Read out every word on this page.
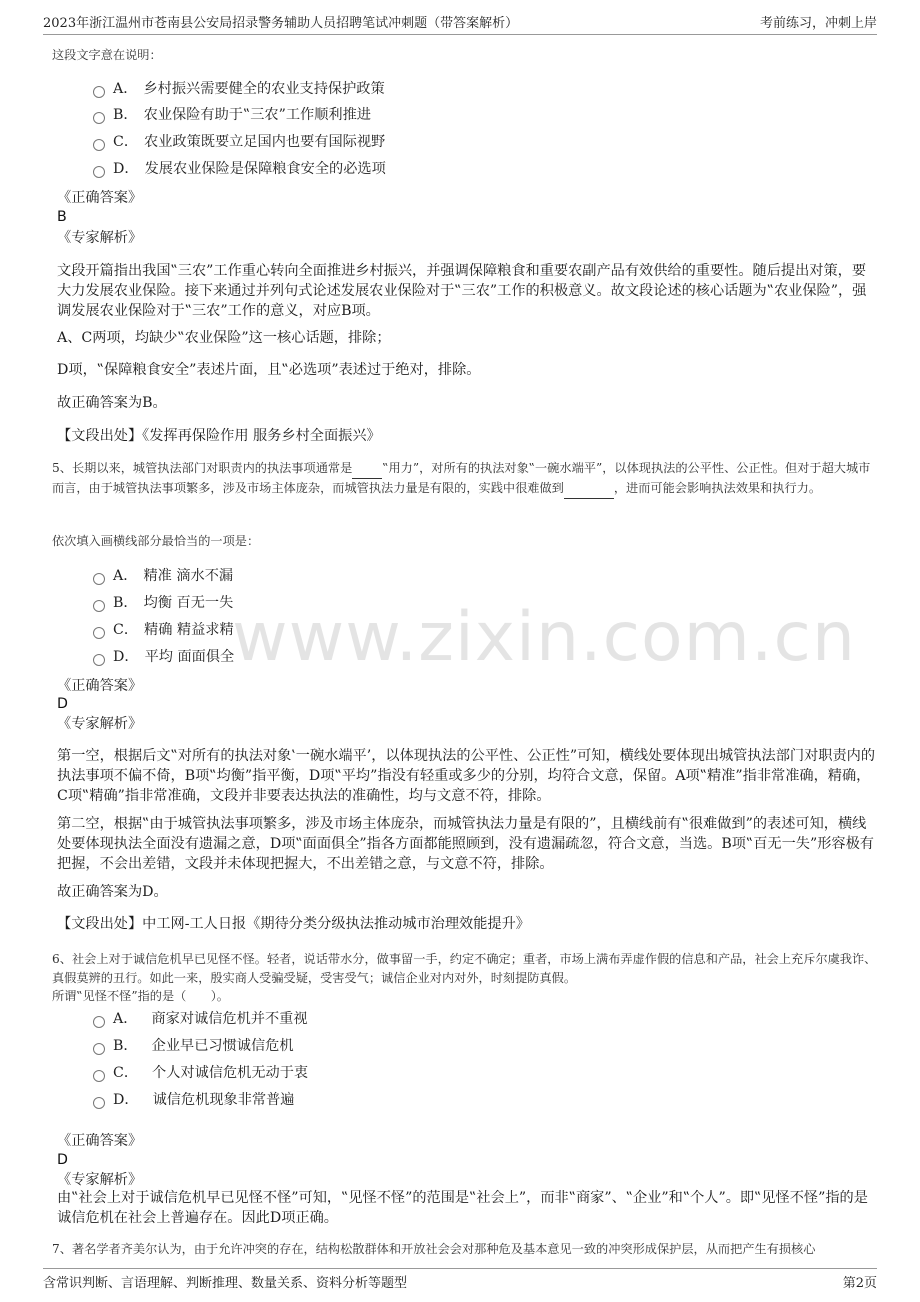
2023年浙江温州市苍南县公安局招录警务辅助人员招聘笔试冲刺题（带答案解析）	考前练习，冲刺上岸
www.zixin.com.cn
这段文字意在说明：
A． 乡村振兴需要健全的农业支持保护政策
B． 农业保险有助于‟三农”工作顺利推进
C． 农业政策既要立足国内也要有国际视野
D． 发展农业保险是保障粮食安全的必选项
《正确答案》
B
《专家解析》
文段开篇指出我国‟三农”工作重心转向全面推进乡村振兴，并强调保障粮食和重要农副产品有效供给的重要性。随后提出对策，要大力发展农业保险。接下来通过并列句式论述发展农业保险对于‟三农”工作的积极意义。故文段论述的核心话题为‟农业保险”，强调发展农业保险对于‟三农”工作的意义，对应B项。
A、C两项，均缺少‟农业保险”这一核心话题，排除；
D项，‟保障粮食安全”表述片面，且‟必选项”表述过于绝对，排除。
故正确答案为B。
【文段出处】《发挥再保险作用 服务乡村全面振兴》
5、长期以来，城管执法部门对职责内的执法事项通常是 ‟用力”，对所有的执法对象‟一碗水端平”，以体现执法的公平性、公正性。但对于超大城市而言，由于城管执法事项繁多，涉及市场主体庞杂，而城管执法力量是有限的，实践中很难做到	，进而可能会影响执法效果和执行力。
依次填入画横线部分最恰当的一项是：
A． 精准 滴水不漏
B． 均衡 百无一失
C． 精确 精益求精
D． 平均 面面俱全
《正确答案》
D
《专家解析》
第一空，根据后文‟对所有的执法对象‛一碗水端平’，以体现执法的公平性、公正性”可知，横线处要体现出城管执法部门对职责内的执法事项不偏不倚，B项‟均衡”指平衡，D项‟平均”指没有轻重或多少的分别，均符合文意，保留。A项‟精准”指非常准确，精确，C项‟精确”指非常准确，文段并非要表达执法的准确性，均与文意不符，排除。
第二空，根据‟由于城管执法事项繁多，涉及市场主体庞杂，而城管执法力量是有限的”，且横线前有‟很难做到”的表述可知，横线处要体现执法全面没有遗漏之意，D项‟面面俱全”指各方面都能照顾到，没有遗漏疏忽，符合文意，当选。B项‟百无一失”形容极有把握，不会出差错，文段并未体现把握大，不出差错之意，与文意不符，排除。
故正确答案为D。
【文段出处】中工网-工人日报《期待分类分级执法推动城市治理效能提升》
6、社会上对于诚信危机早已见怪不怪。轻者，说话带水分，做事留一手，约定不确定；重者，市场上满布弄虚作假的信息和产品，社会上充斥尔虞我诈、真假莫辨的丑行。如此一来，殷实商人受骗受疑，受害受气；诚信企业对内对外，时刻提防真假。
所谓‟见怪不怪”指的是（　　）。
A． 商家对诚信危机并不重视
B． 企业早已习惯诚信危机
C． 个人对诚信危机无动于衷
D． 诚信危机现象非常普遍
《正确答案》
D
《专家解析》
由‟社会上对于诚信危机早已见怪不怪”可知，‟见怪不怪”的范围是‟社会上”，而非‟商家”、‟企业”和‟个人”。即‟见怪不怪”指的是诚信危机在社会上普遍存在。因此D项正确。
7、著名学者齐美尔认为，由于允许冲突的存在，结构松散群体和开放社会会对那种危及基本意见一致的冲突形成保护层，从而把产生有损核心
含常识判断、言语理解、判断推理、数量关系、资料分析等题型	第2页
